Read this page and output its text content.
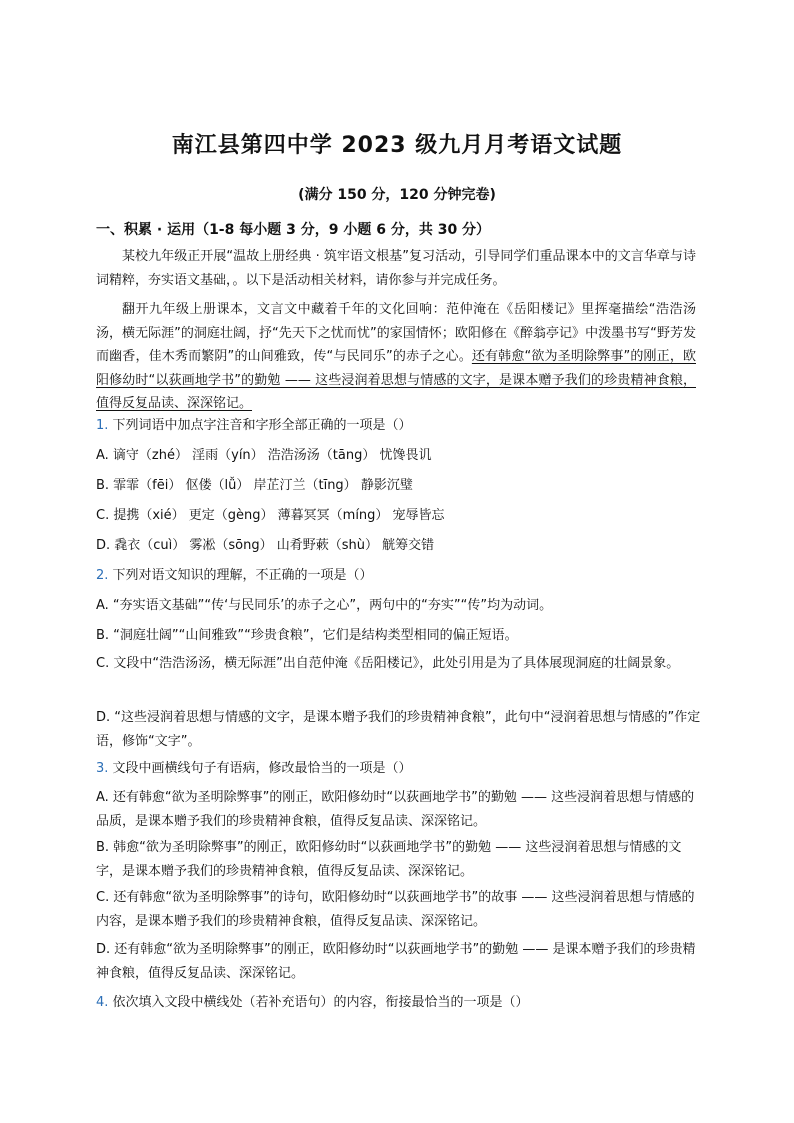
南江县第四中学 2023 级九月月考语文试题
(满分 150 分，120 分钟完卷)
一、积累 · 运用（1-8 每小题 3 分，9 小题 6 分，共 30 分）
某校九年级正开展“温故上册经典 · 筑牢语文根基”复习活动，引导同学们重品课本中的文言华章与诗词精粹，夯实语文基础，。以下是活动相关材料，请你参与并完成任务。
翻开九年级上册课本，文言文中藏着千年的文化回响：范仲淹在《岳阳楼记》里挥毫描绘“浩浩汤汤，横无际涯”的洞庭壮阔，抒“先天下之忧而忧”的家国情怀；欧阳修在《醉翁亭记》中泼墨书写“野芳发而幽香，佳木秀而繁阴”的山间雅致，传“与民同乐”的赤子之心。还有韩愈“欲为圣明除弊事”的刚正，欧阳修幼时“以荻画地学书”的勤勉 —— 这些浸润着思想与情感的文字，是课本赠予我们的珍贵精神食粮，值得反复品读、深深铭记。
1. 下列词语中加点字注音和字形全部正确的一项是（）
A. 谪守（zhé） 淫雨（yín） 浩浩汤汤（tāng） 忧馋畏讥
B. 霏霏（fēi） 伛偻（lǚ） 岸芷汀兰（tīng） 静影沉璧
C. 提携（xié） 更定（gèng） 薄暮冥冥（míng） 宠辱皆忘
D. 毳衣（cuì） 雾凇（sōng） 山肴野蔌（shù） 觥筹交错
2. 下列对语文知识的理解，不正确的一项是（）
A. “夯实语文基础”“传‘与民同乐’的赤子之心”，两句中的“夯实”“传”均为动词。
B. “洞庭壮阔”“山间雅致”“珍贵食粮”，它们是结构类型相同的偏正短语。
C. 文段中“浩浩汤汤，横无际涯”出自范仲淹《岳阳楼记》，此处引用是为了具体展现洞庭的壮阔景象。
D. “这些浸润着思想与情感的文字，是课本赠予我们的珍贵精神食粮”，此句中“浸润着思想与情感的”作定语，修饰“文字”。
3. 文段中画横线句子有语病，修改最恰当的一项是（）
A. 还有韩愈“欲为圣明除弊事”的刚正，欧阳修幼时“以荻画地学书”的勤勉 —— 这些浸润着思想与情感的品质，是课本赠予我们的珍贵精神食粮，值得反复品读、深深铭记。
B. 韩愈“欲为圣明除弊事”的刚正，欧阳修幼时“以荻画地学书”的勤勉 —— 这些浸润着思想与情感的文字，是课本赠予我们的珍贵精神食粮，值得反复品读、深深铭记。
C. 还有韩愈“欲为圣明除弊事”的诗句，欧阳修幼时“以荻画地学书”的故事 —— 这些浸润着思想与情感的内容，是课本赠予我们的珍贵精神食粮，值得反复品读、深深铭记。
D. 还有韩愈“欲为圣明除弊事”的刚正，欧阳修幼时“以荻画地学书”的勤勉 —— 是课本赠予我们的珍贵精神食粮，值得反复品读、深深铭记。
4. 依次填入文段中横线处（若补充语句）的内容，衔接最恰当的一项是（）
